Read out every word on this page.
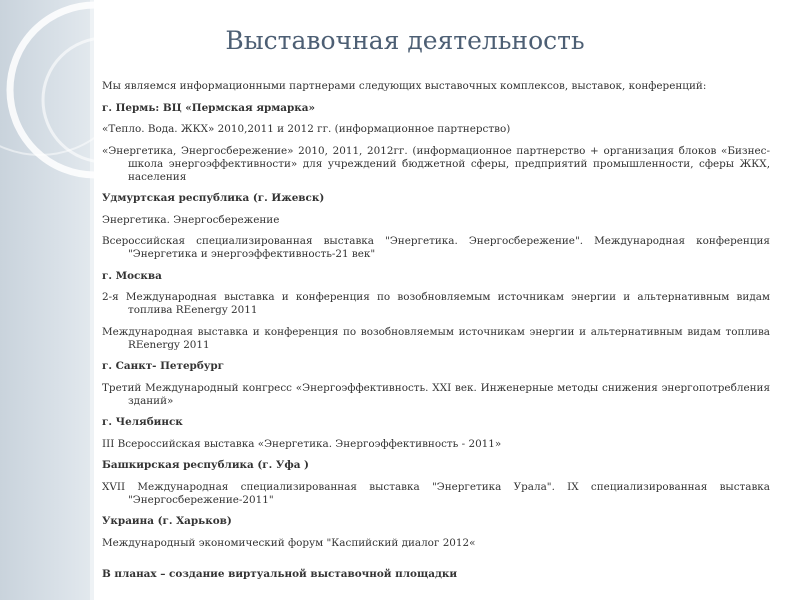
Выставочная деятельность

Мы являемся информационными партнерами следующих выставочных комплексов, выставок, конференций:

г. Пермь: ВЦ «Пермская ярмарка»

«Тепло. Вода. ЖКХ» 2010,2011 и 2012 гг. (информационное партнерство)

«Энергетика, Энергосбережение» 2010, 2011, 2012гг. (информационное партнерство + организация блоков «Бизнес-школа энергоэффективности» для учреждений бюджетной сферы, предприятий промышленности, сферы ЖКХ, населения

Удмуртская республика (г. Ижевск)

Энергетика. Энергосбережение

Всероссийская специализированная выставка "Энергетика. Энергосбережение". Международная конференция "Энергетика и энергоэффективность-21 век"

г. Москва

2-я Международная выставка и конференция по возобновляемым источникам энергии и альтернативным видам топлива REenergy 2011

Международная выставка и конференция по возобновляемым источникам энергии и альтернативным видам топлива REenergy 2011

г. Санкт- Петербург

Третий Международный конгресс «Энергоэффективность. XXI век. Инженерные методы снижения энергопотребления зданий»

г. Челябинск

III Всероссийская выставка «Энергетика. Энергоэффективность - 2011»

Башкирская республика (г. Уфа )

XVII Международная специализированная выставка "Энергетика Урала". IX специализированная выставка "Энергосбережение-2011"

Украина (г. Харьков)

Международный экономический форум "Каспийский диалог 2012«

В планах – создание виртуальной выставочной площадки
